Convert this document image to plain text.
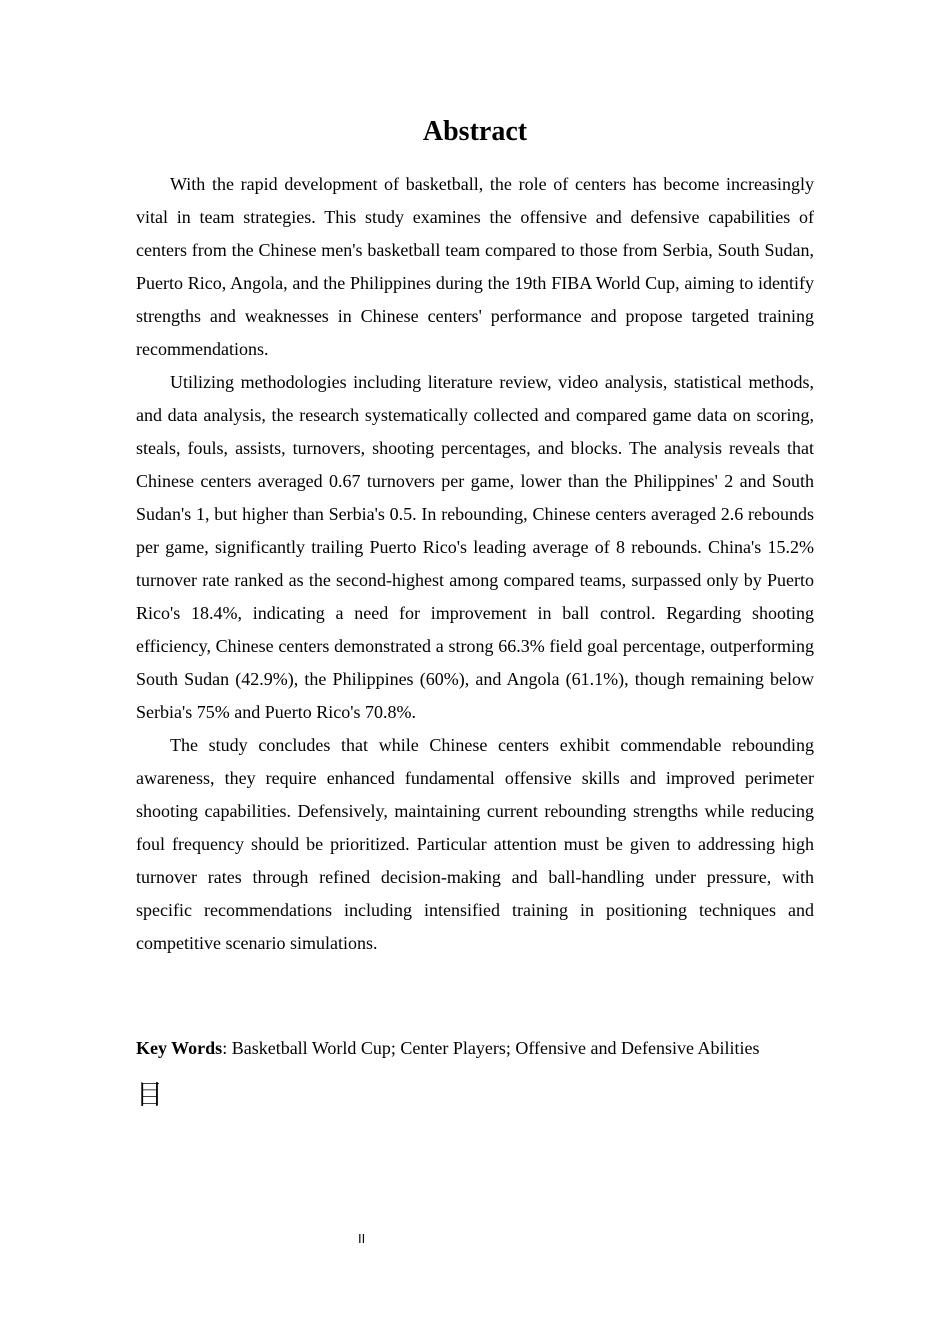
Abstract

With the rapid development of basketball, the role of centers has become increasingly vital in team strategies. This study examines the offensive and defensive capabilities of centers from the Chinese men's basketball team compared to those from Serbia, South Sudan, Puerto Rico, Angola, and the Philippines during the 19th FIBA World Cup, aiming to identify strengths and weaknesses in Chinese centers' performance and propose targeted training recommendations.

Utilizing methodologies including literature review, video analysis, statistical methods, and data analysis, the research systematically collected and compared game data on scoring, steals, fouls, assists, turnovers, shooting percentages, and blocks. The analysis reveals that Chinese centers averaged 0.67 turnovers per game, lower than the Philippines' 2 and South Sudan's 1, but higher than Serbia's 0.5. In rebounding, Chinese centers averaged 2.6 rebounds per game, significantly trailing Puerto Rico's leading average of 8 rebounds. China's 15.2% turnover rate ranked as the second-highest among compared teams, surpassed only by Puerto Rico's 18.4%, indicating a need for improvement in ball control. Regarding shooting efficiency, Chinese centers demonstrated a strong 66.3% field goal percentage, outperforming South Sudan (42.9%), the Philippines (60%), and Angola (61.1%), though remaining below Serbia's 75% and Puerto Rico's 70.8%.

The study concludes that while Chinese centers exhibit commendable rebounding awareness, they require enhanced fundamental offensive skills and improved perimeter shooting capabilities. Defensively, maintaining current rebounding strengths while reducing foul frequency should be prioritized. Particular attention must be given to addressing high turnover rates through refined decision-making and ball-handling under pressure, with specific recommendations including intensified training in positioning techniques and competitive scenario simulations.

Key Words: Basketball World Cup; Center Players; Offensive and Defensive Abilities

目
II
